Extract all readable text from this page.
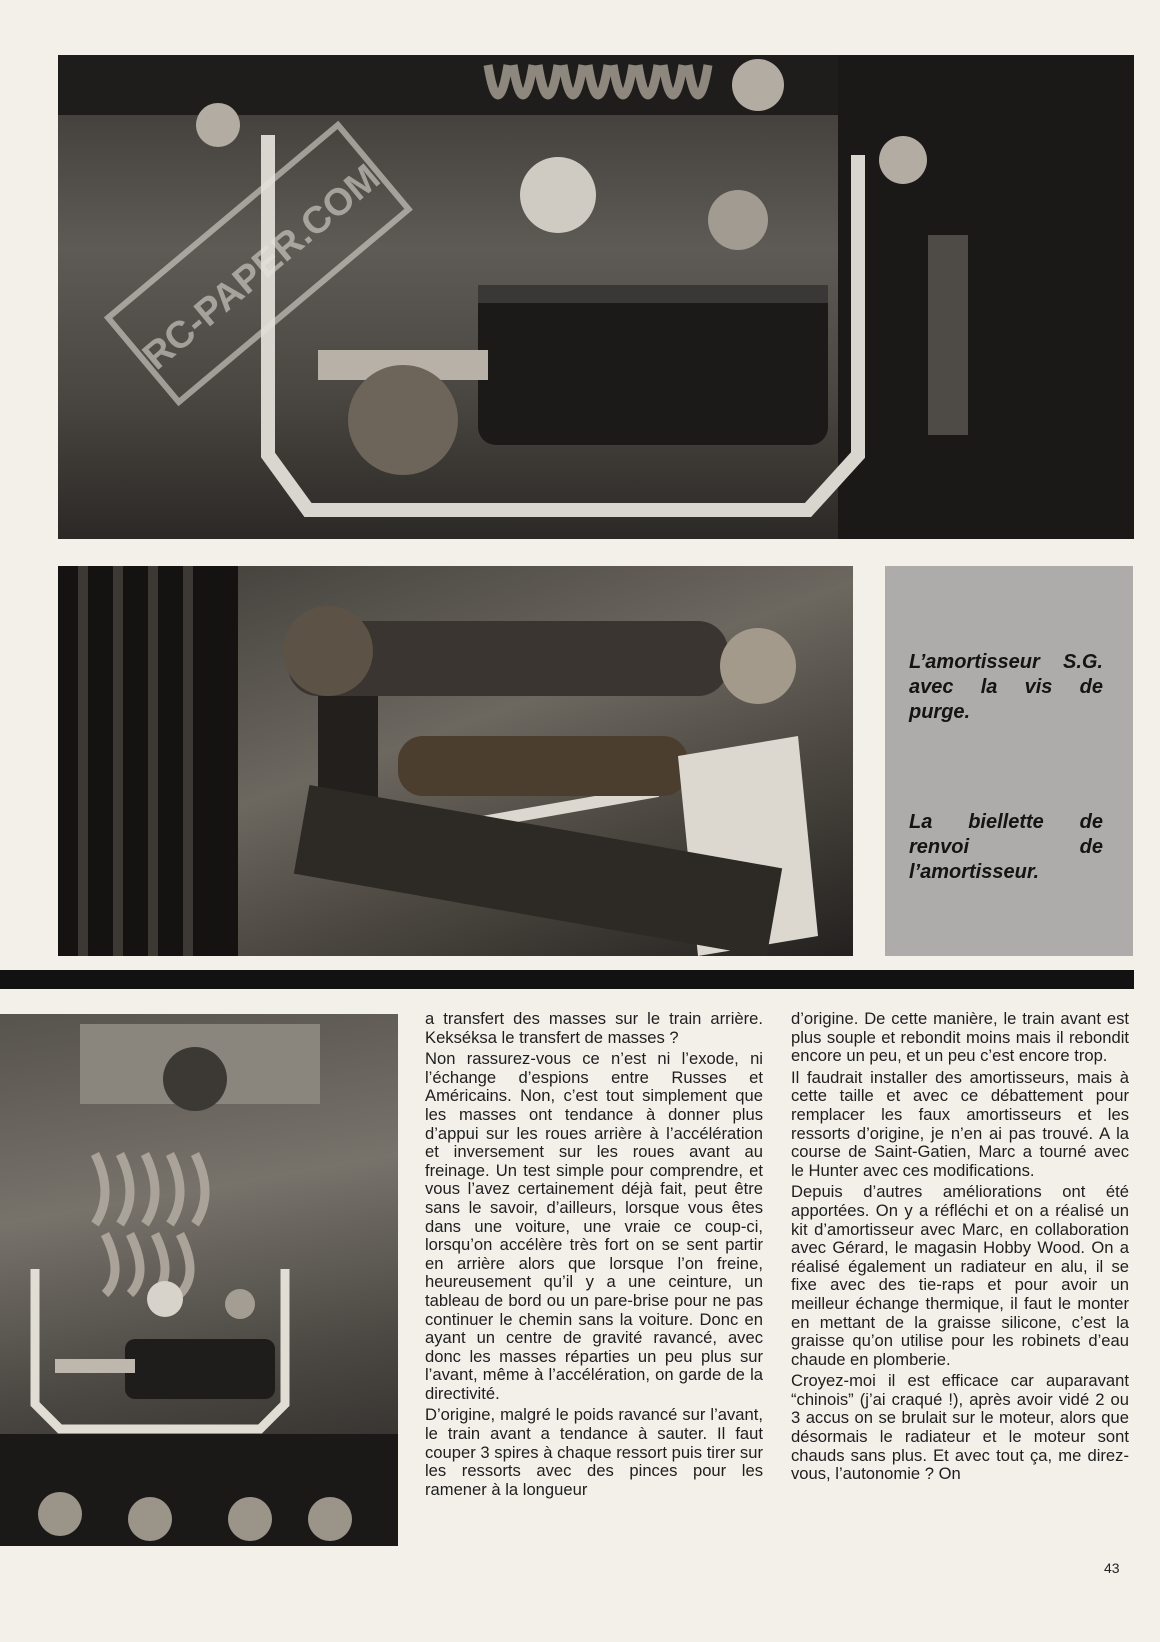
RC-PAPER.COM
L’amortisseur S.G. avec la vis de purge.
La biellette de renvoi de l’amortisseur.

a transfert des masses sur le train arrière. Kekséksa le transfert de masses ?

Non rassurez-vous ce n’est ni l’exode, ni l’échange d’espions entre Russes et Américains. Non, c’est tout simplement que les masses ont tendance à donner plus d’appui sur les roues arrière à l’accélération et inversement sur les roues avant au freinage. Un test simple pour comprendre, et vous l’avez certainement déjà fait, peut être sans le savoir, d’ailleurs, lorsque vous êtes dans une voiture, une vraie ce coup-ci, lorsqu’on accélère très fort on se sent partir en arrière alors que lorsque l’on freine, heureusement qu’il y a une ceinture, un tableau de bord ou un pare-brise pour ne pas continuer le chemin sans la voiture. Donc en ayant un centre de gravité ravancé, avec donc les masses réparties un peu plus sur l’avant, même à l’accélération, on garde de la directivité.

D’origine, malgré le poids ravancé sur l’avant, le train avant a tendance à sauter. Il faut couper 3 spires à chaque ressort puis tirer sur les ressorts avec des pinces pour les ramener à la longueur

d’origine. De cette manière, le train avant est plus souple et rebondit moins mais il rebondit encore un peu, et un peu c’est encore trop.

Il faudrait installer des amortisseurs, mais à cette taille et avec ce débattement pour remplacer les faux amortisseurs et les ressorts d’origine, je n’en ai pas trouvé. A la course de Saint-Gatien, Marc a tourné avec le Hunter avec ces modifications.

Depuis d’autres améliorations ont été apportées. On y a réfléchi et on a réalisé un kit d’amortisseur avec Marc, en collaboration avec Gérard, le magasin Hobby Wood. On a réalisé également un radiateur en alu, il se fixe avec des tie-raps et pour avoir un meilleur échange thermique, il faut le monter en mettant de la graisse silicone, c’est la graisse qu’on utilise pour les robinets d’eau chaude en plomberie.

Croyez-moi il est efficace car auparavant “chinois” (j’ai craqué !), après avoir vidé 2 ou 3 accus on se brulait sur le moteur, alors que désormais le radiateur et le moteur sont chauds sans plus. Et avec tout ça, me direz-vous, l’autonomie ? On

43
